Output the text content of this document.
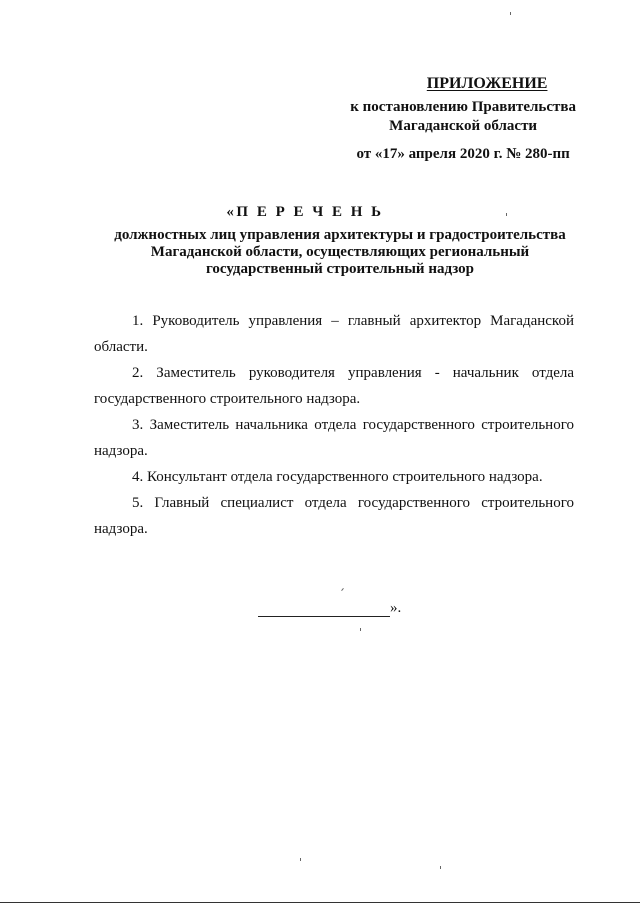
ПРИЛОЖЕНИЕ
к постановлению Правительства
Магаданской области
от «17» апреля 2020 г. № 280-пп
«П Е Р Е Ч Е Н Ь
должностных лиц управления архитектуры и градостроительства
Магаданской области, осуществляющих региональный
государственный строительный надзор

1. Руководитель управления – главный архитектор Магаданской области.

2. Заместитель руководителя управления - начальник отдела государственного строительного надзора.

3. Заместитель начальника отдела государственного строительного надзора.

4. Консультант отдела государственного строительного надзора.

5. Главный специалист отдела государственного строительного надзора.

».
